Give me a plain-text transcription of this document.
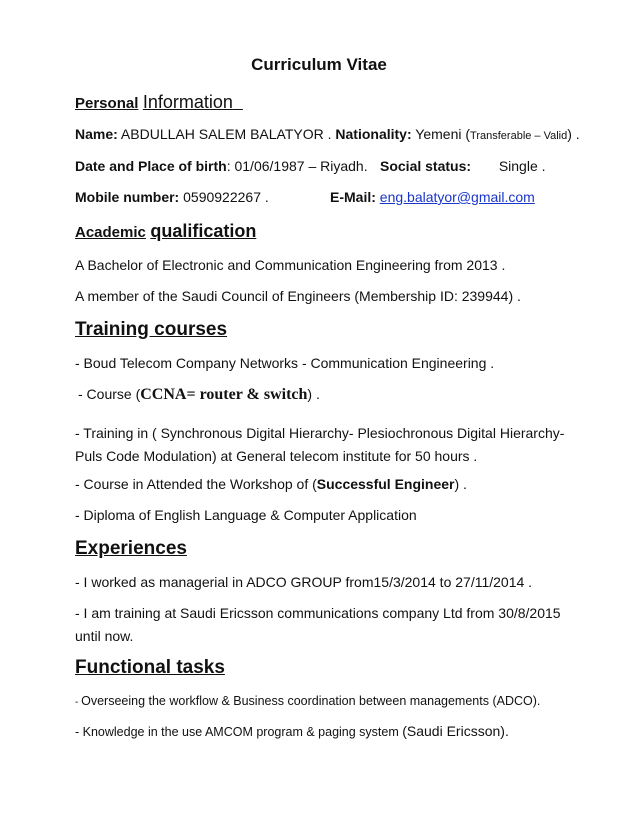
Curriculum Vitae
Personal Information
Name: ABDULLAH SALEM BALATYOR . Nationality: Yemeni (Transferable – Valid) .
Date and Place of birth: 01/06/1987 – Riyadh. Social status: Single .
Mobile number: 0590922267 .	E-Mail: eng.balatyor@gmail.com
Academic qualification
A Bachelor of Electronic and Communication Engineering from 2013 .
A member of the Saudi Council of Engineers (Membership ID: 239944) .
Training courses
- Boud Telecom Company Networks - Communication Engineering .
- Course (CCNA= router & switch) .
- Training in ( Synchronous Digital Hierarchy- Plesiochronous Digital Hierarchy-Puls Code Modulation) at General telecom institute for 50 hours .
- Course in Attended the Workshop of (Successful Engineer) .
- Diploma of English Language & Computer Application
Experiences
- I worked as managerial in ADCO GROUP from15/3/2014 to 27/11/2014 .
- I am training at Saudi Ericsson communications company Ltd from 30/8/2015 until now.
Functional tasks
- Overseeing the workflow & Business coordination between managements (ADCO).
- Knowledge in the use AMCOM program & paging system (Saudi Ericsson).
